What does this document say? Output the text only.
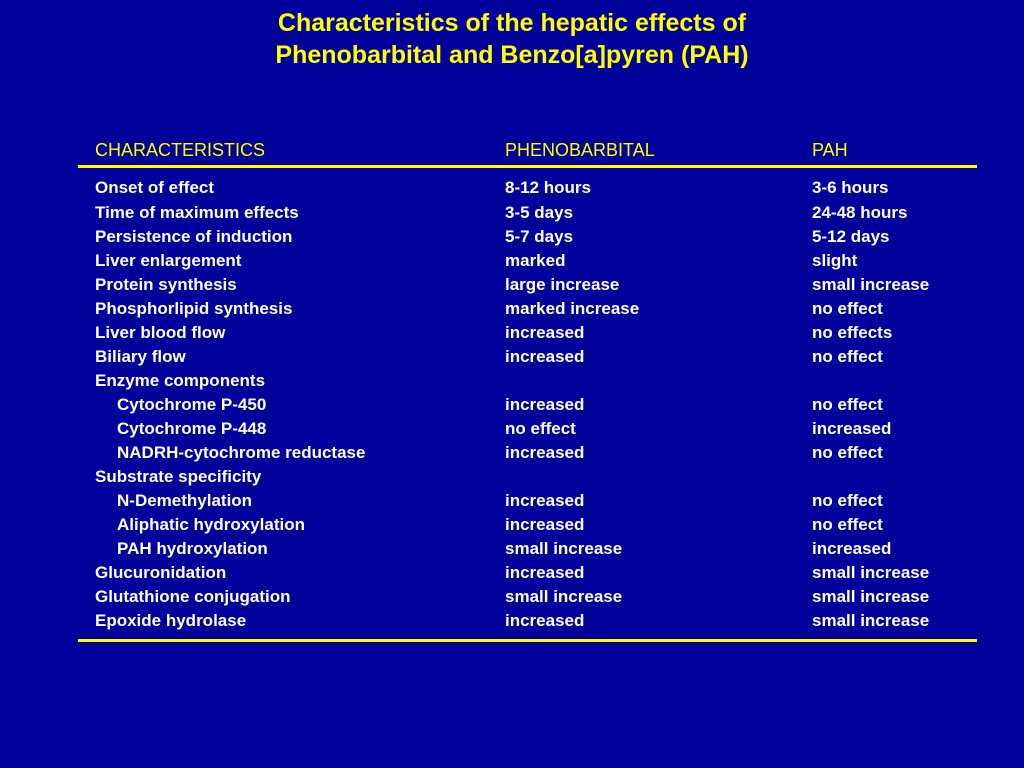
Characteristics of the hepatic effects of
Phenobarbital and Benzo[a]pyren (PAH)
CHARACTERISTICS	PHENOBARBITAL	PAH
Onset of effect	8-12 hours	3-6 hours
Time of maximum effects	3-5 days	24-48 hours
Persistence of induction	5-7 days	5-12 days
Liver enlargement	marked	slight
Protein synthesis	large increase	small increase
Phosphorlipid synthesis	marked increase	no effect
Liver blood flow	increased	no effects
Biliary flow	increased	no effect
Enzyme components
Cytochrome P-450	increased	no effect
Cytochrome P-448	no effect	increased
NADRH-cytochrome reductase	increased	no effect
Substrate specificity
N-Demethylation	increased	no effect
Aliphatic hydroxylation	increased	no effect
PAH hydroxylation	small increase	increased
Glucuronidation	increased	small increase
Glutathione conjugation	small increase	small increase
Epoxide hydrolase	increased	small increase
